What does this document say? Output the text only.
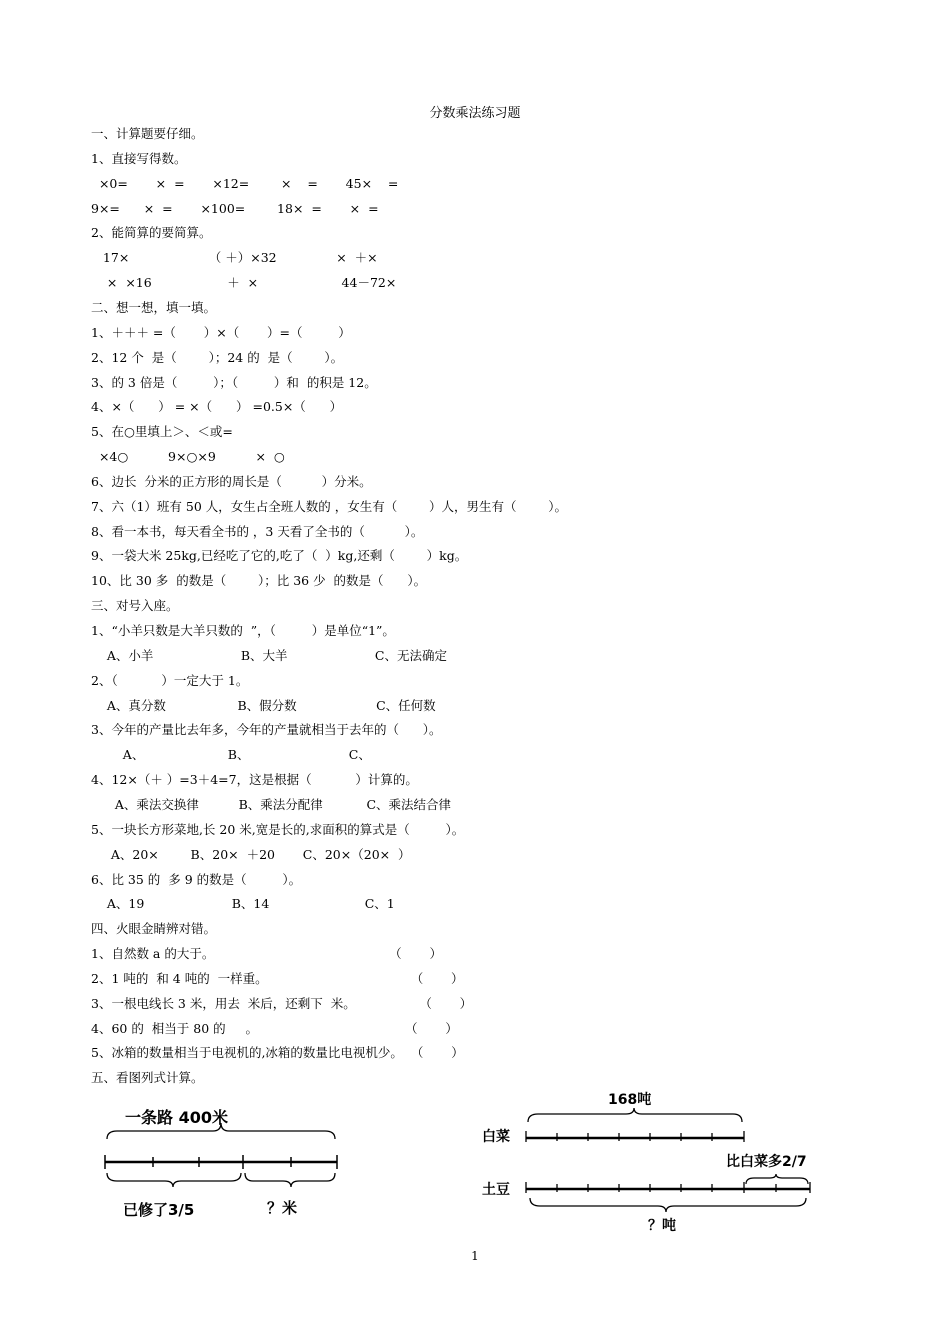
分数乘法练习题
一、计算题要仔细。
1、直接写得数。
×0=       ×  =       ×12=        ×    =       45×    =
9×=      ×  =       ×100=        18×  =       ×  =
2、能简算的要简算。
17×                    （ ＋）×32               ×  ＋×
×  ×16                   ＋  ×                     44－72×
二、想一想，填一填。
1、＋＋＋ =（       ）×（       ）=（         ）
2、12 个  是（        ）；24 的  是（        ）。
3、的 3 倍是（         ）；（         ）和  的积是 12。
4、×（      ） = ×（      ） =0.5×（      ）
5、在○里填上＞、＜或=
×4○          9×○×9          ×  ○
6、边长  分米的正方形的周长是（          ）分米。
7、六（1）班有 50 人，女生占全班人数的 ，女生有（        ）人，男生有（        ）。
8、看一本书，每天看全书的 ，3 天看了全书的（          ）。
9、一袋大米 25kg,已经吃了它的,吃了（  ）kg,还剩（        ）kg。
10、比 30 多  的数是（        ）；比 36 少  的数是（      ）。
三、对号入座。
1、“小羊只数是大羊只数的  ”，（         ）是单位“1”。
A、小羊                      B、大羊                      C、无法确定
2、（           ）一定大于 1。
A、真分数                  B、假分数                    C、任何数
3、今年的产量比去年多，今年的产量就相当于去年的（      ）。
A、                     B、                         C、
4、12×（＋ ）=3＋4=7，这是根据（           ）计算的。
A、乘法交换律          B、乘法分配律           C、乘法结合律
5、一块长方形菜地,长 20 米,宽是长的,求面积的算式是（         ）。
A、20×        B、20×  ＋20       C、20×（20×  ）
6、比 35 的  多 9 的数是（         ）。
A、19                      B、14                        C、1
四、火眼金睛辨对错。
1、自然数 a 的大于。                                            （       ）
2、1 吨的  和 4 吨的  一样重。                                    （       ）
3、一根电线长 3 米，用去  米后，还剩下  米。                （       ）
4、60 的  相当于 80 的     。                                     （       ）
5、冰箱的数量相当于电视机的,冰箱的数量比电视机少。  （       ）
五、看图列式计算。
一条路 400米
已修了3/5	？米
168吨
白菜
比白菜多2/7
土豆
？吨
1
